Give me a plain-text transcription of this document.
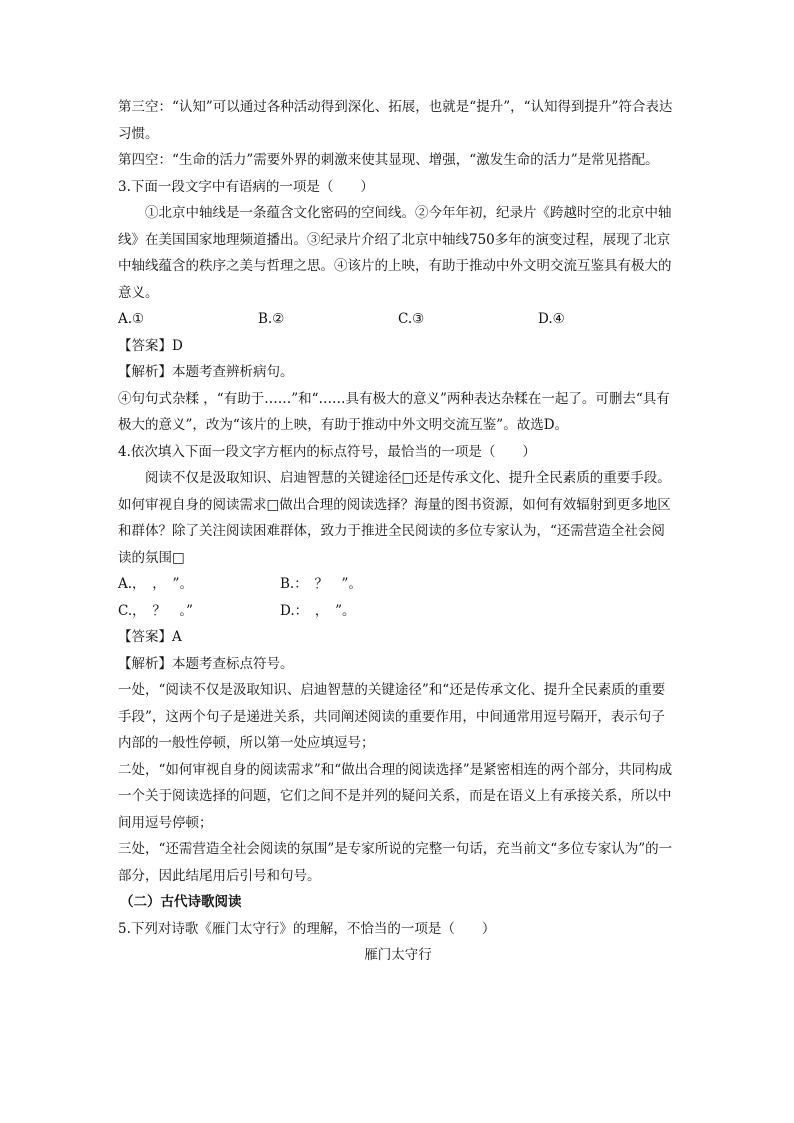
第三空：“认知”可以通过各种活动得到深化、拓展，也就是“提升”，“认知得到提升”符合表达习惯。

第四空：“生命的活力”需要外界的刺激来使其显现、增强，“激发生命的活力”是常见搭配。

3.下面一段文字中有语病的一项是（　　）

①北京中轴线是一条蕴含文化密码的空间线。②今年年初，纪录片《跨越时空的北京中轴线》在美国国家地理频道播出。③纪录片介绍了北京中轴线750多年的演变过程，展现了北京中轴线蕴含的秩序之美与哲理之思。④该片的上映，有助于推动中外文明交流互鉴具有极大的意义。

A.①	B.②	C.③	D.④

【答案】D

【解析】本题考查辨析病句。

④句句式杂糅 ，“有助于……”和“……具有极大的意义”两种表达杂糅在一起了。可删去“具有极大的意义”，改为“该片的上映，有助于推动中外文明交流互鉴”。故选D。

4.依次填入下面一段文字方框内的标点符号，最恰当的一项是（　　）

阅读不仅是汲取知识、启迪智慧的关键途径□还是传承文化、提升全民素质的重要手段。如何审视自身的阅读需求□做出合理的阅读选择？海量的图书资源，如何有效辐射到更多地区和群体？除了关注阅读困难群体，致力于推进全民阅读的多位专家认为，“还需营造全社会阅读的氛围□

A.，　，　”。	B.：　？　”。
C.，　？　。”	D.：　，　”。

【答案】A

【解析】本题考查标点符号。

一处，“阅读不仅是汲取知识、启迪智慧的关键途径”和“还是传承文化、提升全民素质的重要手段”，这两个句子是递进关系，共同阐述阅读的重要作用，中间通常用逗号隔开，表示句子内部的一般性停顿，所以第一处应填逗号；

二处，“如何审视自身的阅读需求”和“做出合理的阅读选择”是紧密相连的两个部分，共同构成一个关于阅读选择的问题，它们之间不是并列的疑问关系，而是在语义上有承接关系，所以中间用逗号停顿；

三处，“还需营造全社会阅读的氛围”是专家所说的完整一句话，充当前文“多位专家认为”的一部分，因此结尾用后引号和句号。

（二）古代诗歌阅读

5.下列对诗歌《雁门太守行》的理解，不恰当的一项是（　　）

雁门太守行
